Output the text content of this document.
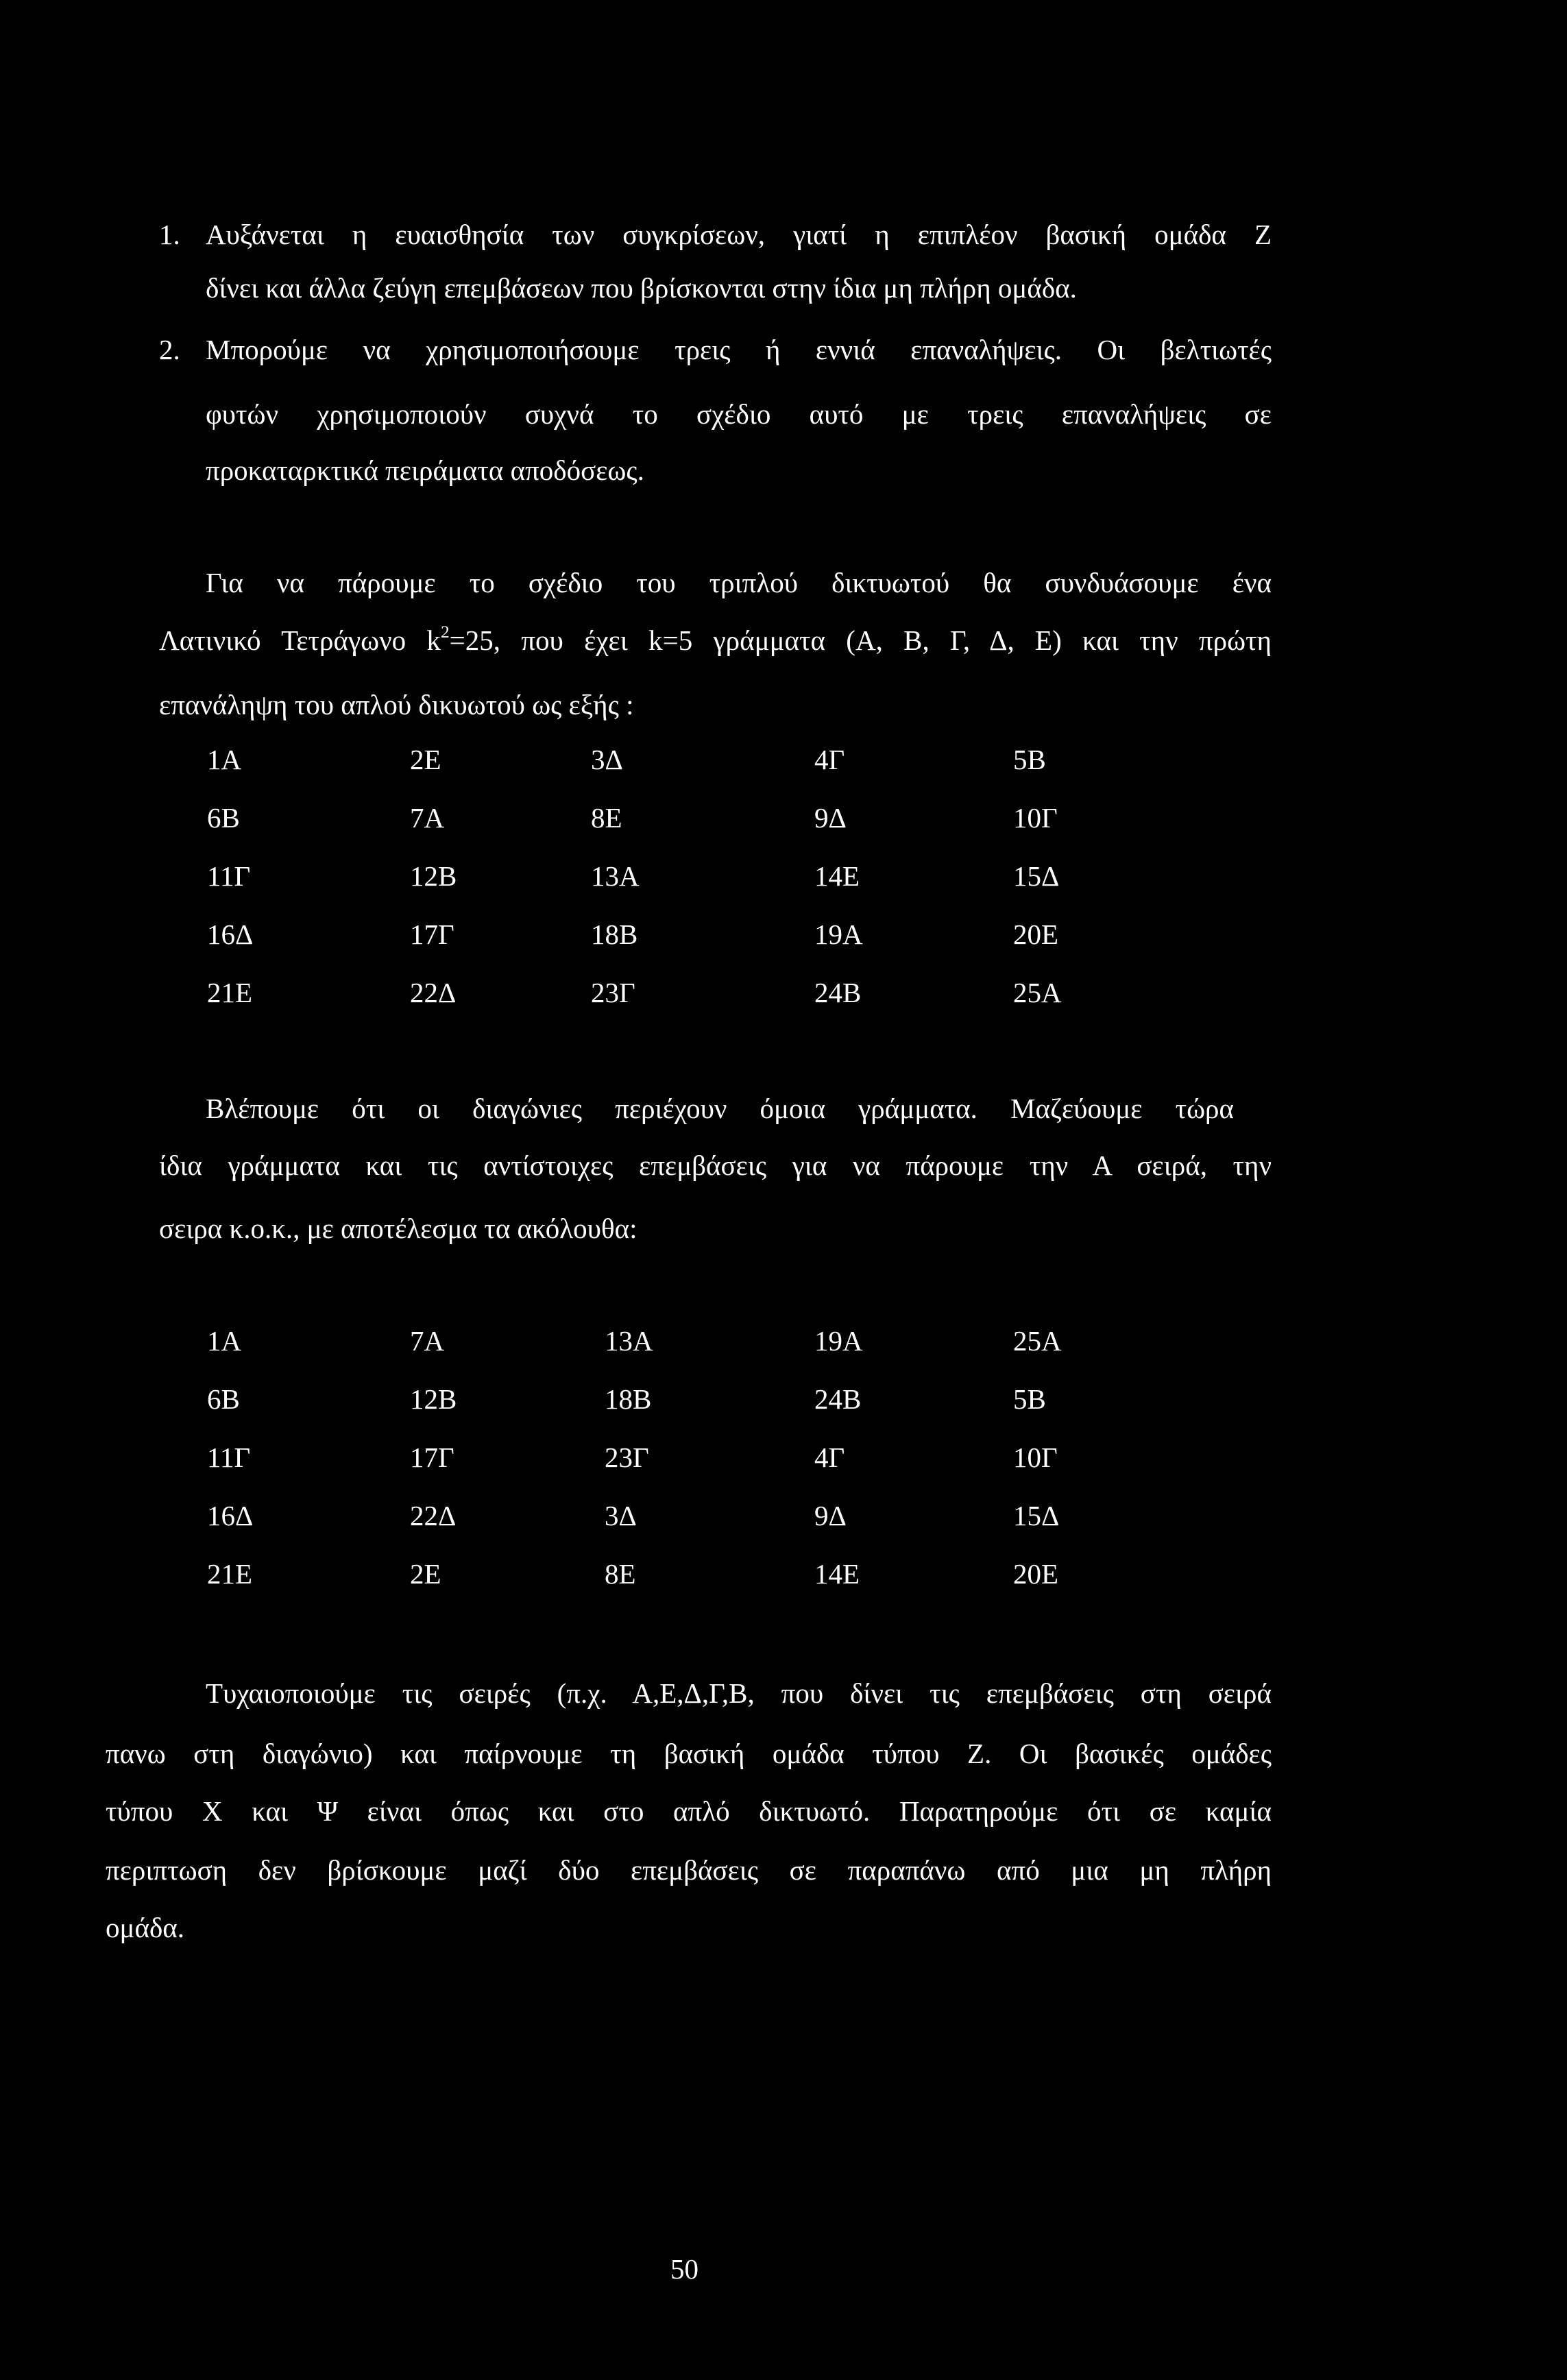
1. Αυξάνεται η ευαισθησία των συγκρίσεων, γιατί η επιπλέον βασική ομάδα Ζ
δίνει και άλλα ζεύγη επεμβάσεων που βρίσκονται στην ίδια μη πλήρη ομάδα.
2. Μπορούμε να χρησιμοποιήσουμε τρεις ή εννιά επαναλήψεις. Οι βελτιωτές
φυτών χρησιμοποιούν συχνά το σχέδιο αυτό με τρεις επαναλήψεις σε
προκαταρκτικά πειράματα αποδόσεως.
Για να πάρουμε το σχέδιο του τριπλού δικτυωτού θα συνδυάσουμε ένα
Λατινικό Τετράγωνο $k^2=25$, που έχει k=5 γράμματα (Α, Β, Γ, Δ, Ε) και την πρώτη
επανάληψη του απλού δικυωτού ως εξής :
1Α	2Ε	3Δ	4Γ	5Β
6Β	7Α	8Ε	9Δ	10Γ
11Γ	12Β	13Α	14Ε	15Δ
16Δ	17Γ	18Β	19Α	20Ε
21Ε	22Δ	23Γ	24Β	25Α
Βλέπουμε ότι οι διαγώνιες περιέχουν όμοια γράμματα. Μαζεύουμε τώρα
ίδια γράμματα και τις αντίστοιχες επεμβάσεις για να πάρουμε την Α σειρά, την
σειρα κ.ο.κ., με αποτέλεσμα τα ακόλουθα:
1Α	7Α	13Α	19Α	25Α
6Β	12Β	18Β	24Β	5Β
11Γ	17Γ	23Γ	4Γ	10Γ
16Δ	22Δ	3Δ	9Δ	15Δ
21Ε	2Ε	8Ε	14Ε	20Ε
Τυχαιοποιούμε τις σειρές (π.χ. Α,Ε,Δ,Γ,Β, που δίνει τις επεμβάσεις στη σειρά
πανω στη διαγώνιο) και παίρνουμε τη βασική ομάδα τύπου Ζ. Οι βασικές ομάδες
τύπου Χ και Ψ είναι όπως και στο απλό δικτυωτό. Παρατηρούμε ότι σε καμία
περιπτωση δεν βρίσκουμε μαζί δύο επεμβάσεις σε παραπάνω από μια μη πλήρη
ομάδα.
50
